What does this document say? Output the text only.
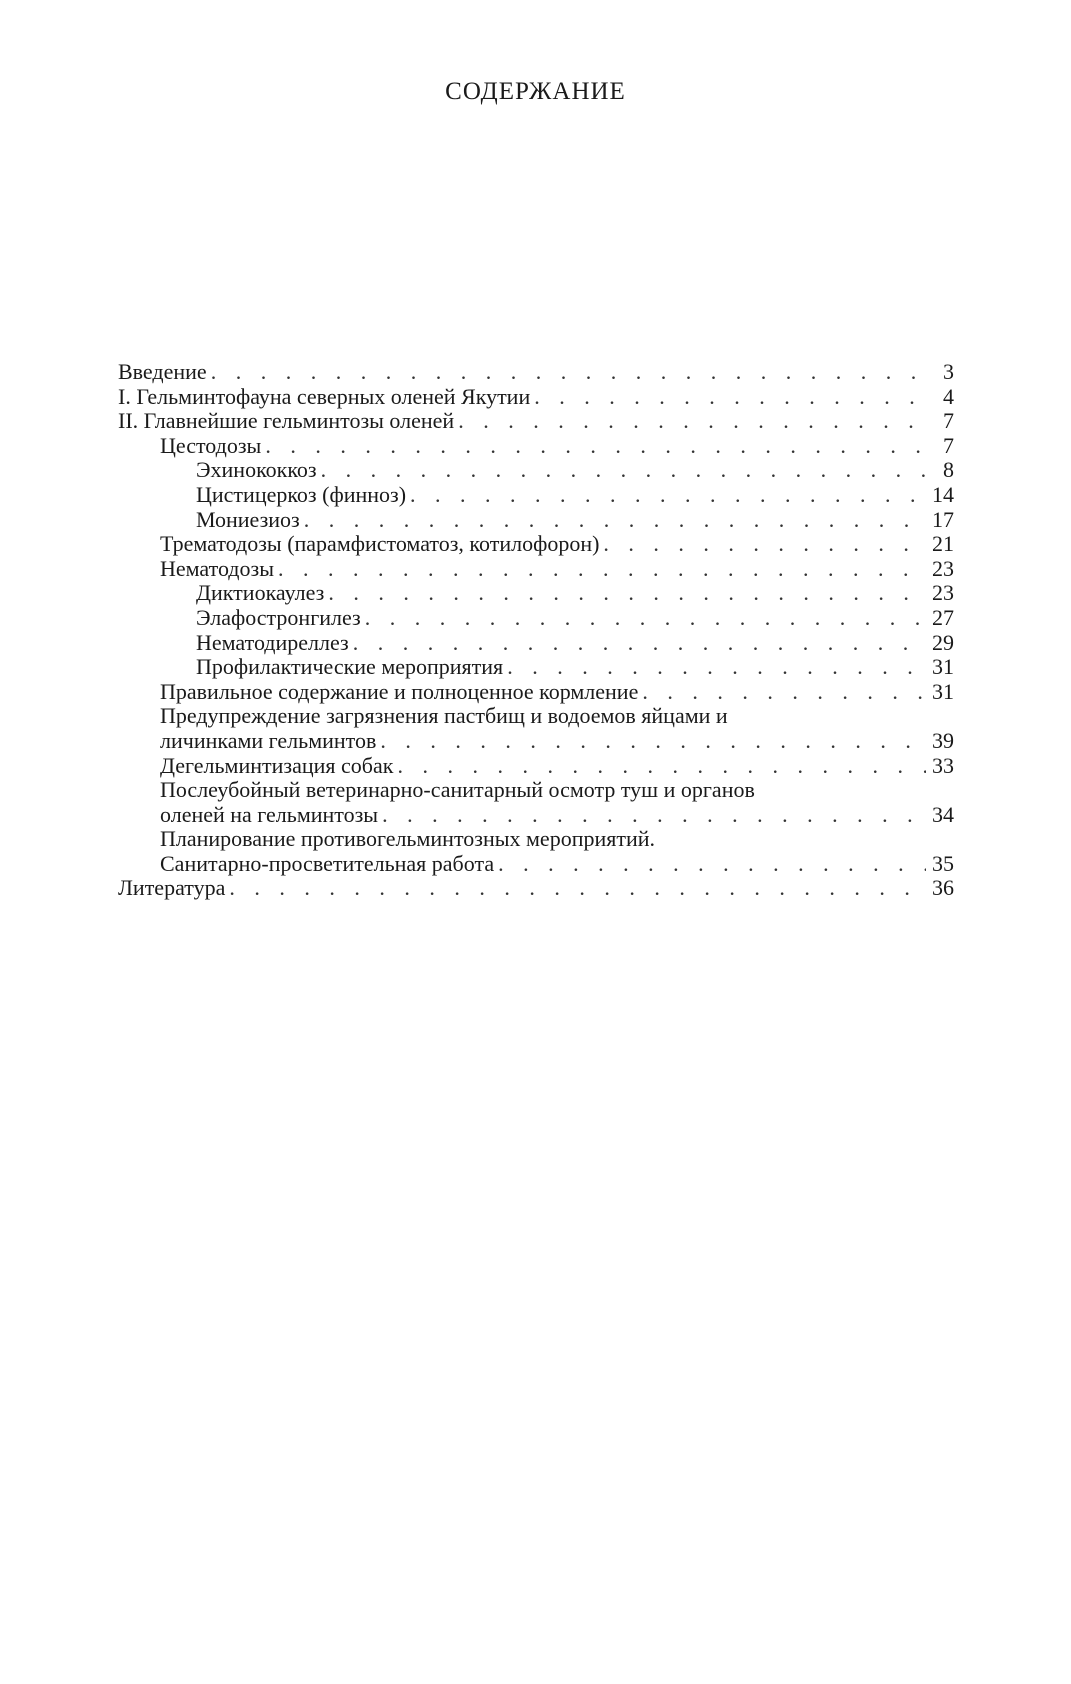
СОДЕРЖАНИЕ
Введение . . .	3
I. Гельминтофауна северных оленей Якутии . . .	4
II. Главнейшие гельминтозы оленей . . .	7
Цестодозы . . .	7
Эхинококкоз . . .	8
Цистицеркоз (финноз) . . .	14
Мониезиоз . . .	17
Трематодозы (парамфистоматоз, котилофорон) . . .	21
Нематодозы . . .	23
Диктиокаулез . . .	23
Элафостронгилез . . .	27
Нематодиреллез . . .	29
Профилактические мероприятия . . .	31
Правильное содержание и полноценное кормление . . .	31
Предупреждение загрязнения пастбищ и водоемов яйцами и
личинками гельминтов . . .	39
Дегельминтизация собак . . .	33
Послеубойный ветеринарно-санитарный осмотр туш и органов
оленей на гельминтозы . . .	34
Планирование противогельминтозных мероприятий.
Санитарно-просветительная работа . . .	35
Литература . . .	36
